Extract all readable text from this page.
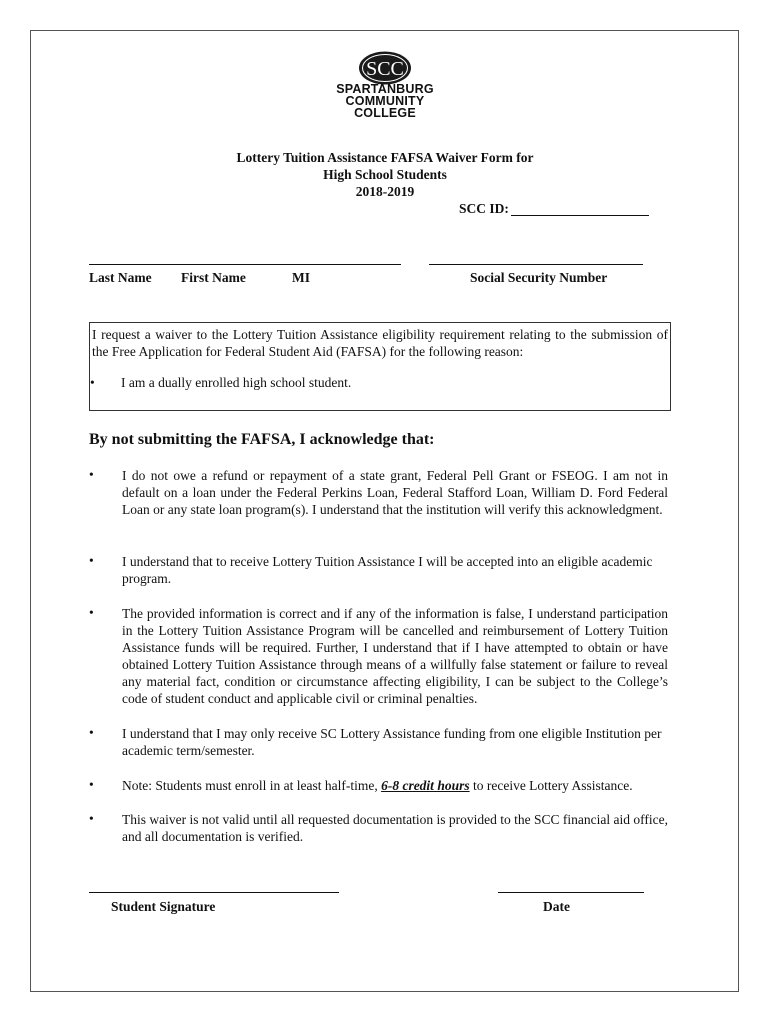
SCC
SPARTANBURG
COMMUNITY
COLLEGE
Lottery Tuition Assistance FAFSA Waiver Form for
High School Students
2018-2019
SCC ID:
Last Name First Name	MI	Social Security Number
I request a waiver to the Lottery Tuition Assistance eligibility requirement relating to the submission of the Free Application for Federal Student Aid (FAFSA) for the following reason:
• I am a dually enrolled high school student.
By not submitting the FAFSA, I acknowledge that:
• I do not owe a refund or repayment of a state grant, Federal Pell Grant or FSEOG. I am not in default on a loan under the Federal Perkins Loan, Federal Stafford Loan, William D. Ford Federal Loan or any state loan program(s). I understand that the institution will verify this acknowledgment.
• I understand that to receive Lottery Tuition Assistance I will be accepted into an eligible academic program.
• The provided information is correct and if any of the information is false, I understand participation in the Lottery Tuition Assistance Program will be cancelled and reimbursement of Lottery Tuition Assistance funds will be required. Further, I understand that if I have attempted to obtain or have obtained Lottery Tuition Assistance through means of a willfully false statement or failure to reveal any material fact, condition or circumstance affecting eligibility, I can be subject to the College’s code of student conduct and applicable civil or criminal penalties.
• I understand that I may only receive SC Lottery Assistance funding from one eligible Institution per academic term/semester.
• Note: Students must enroll in at least half-time, 6-8 credit hours to receive Lottery Assistance.
• This waiver is not valid until all requested documentation is provided to the SCC financial aid office, and all documentation is verified.
Student Signature	Date
